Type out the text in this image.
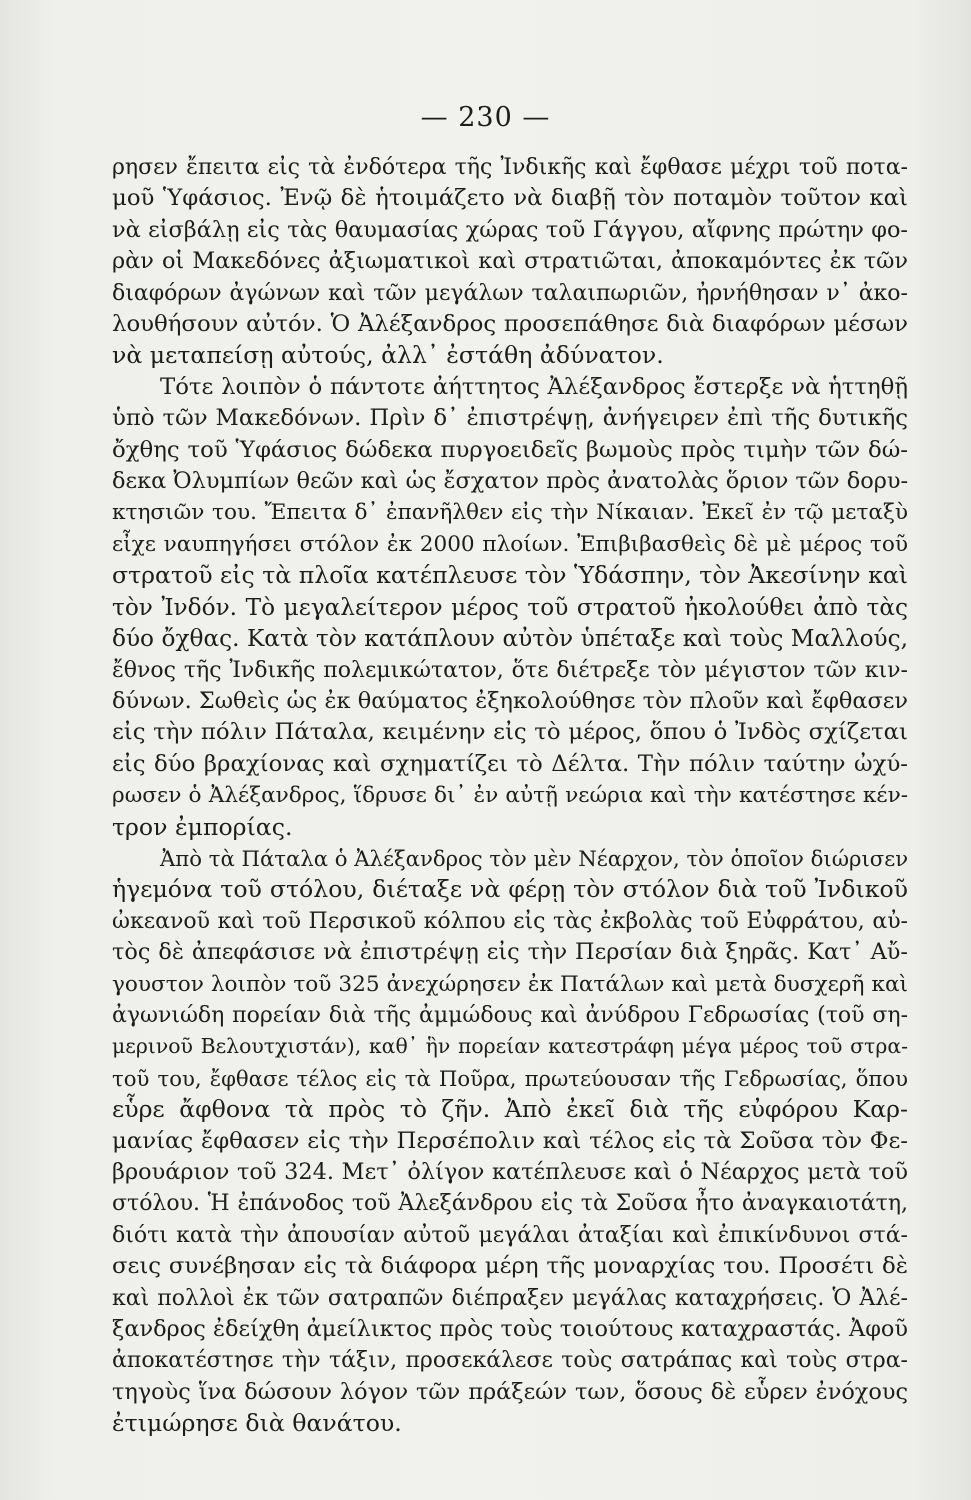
— 230 —
ρησεν ἔπειτα εἰς τὰ ἐνδότερα τῆς Ἰνδικῆς καὶ ἔφθασε μέχρι τοῦ ποτα-
μοῦ Ὑφάσιος. Ἐνῷ δὲ ἡτοιμάζετο νὰ διαβῇ τὸν ποταμὸν τοῦτον καὶ
νὰ εἰσβάλῃ εἰς τὰς θαυμασίας χώρας τοῦ Γάγγου, αἴφνης πρώτην φο-
ρὰν οἱ Μακεδόνες ἀξιωματικοὶ καὶ στρατιῶται, ἀποκαμόντες ἐκ τῶν
διαφόρων ἀγώνων καὶ τῶν μεγάλων ταλαιπωριῶν, ἠρνήθησαν ν᾿ ἀκο-
λουθήσουν αὐτόν. Ὁ Ἀλέξανδρος προσεπάθησε διὰ διαφόρων μέσων
νὰ μεταπείσῃ αὐτούς, ἀλλ᾿ ἐστάθη ἀδύνατον.
Τότε λοιπὸν ὁ πάντοτε ἀήττητος Ἀλέξανδρος ἔστερξε νὰ ἡττηθῇ
ὑπὸ τῶν Μακεδόνων. Πρὶν δ᾿ ἐπιστρέψῃ, ἀνήγειρεν ἐπὶ τῆς δυτικῆς
ὄχθης τοῦ Ὑφάσιος δώδεκα πυργοειδεῖς βωμοὺς πρὸς τιμὴν τῶν δώ-
δεκα Ὀλυμπίων θεῶν καὶ ὡς ἔσχατον πρὸς ἀνατολὰς ὅριον τῶν δορυ-
κτησιῶν του. Ἔπειτα δ᾿ ἐπανῆλθεν εἰς τὴν Νίκαιαν. Ἐκεῖ ἐν τῷ μεταξὺ
εἶχε ναυπηγήσει στόλον ἐκ 2000 πλοίων. Ἐπιβιβασθεὶς δὲ μὲ μέρος τοῦ
στρατοῦ εἰς τὰ πλοῖα κατέπλευσε τὸν Ὑδάσπην, τὸν Ἀκεσίνην καὶ
τὸν Ἰνδόν. Τὸ μεγαλείτερον μέρος τοῦ στρατοῦ ἠκολούθει ἀπὸ τὰς
δύο ὄχθας. Κατὰ τὸν κατάπλουν αὐτὸν ὑπέταξε καὶ τοὺς Μαλλούς,
ἔθνος τῆς Ἰνδικῆς πολεμικώτατον, ὅτε διέτρεξε τὸν μέγιστον τῶν κιν-
δύνων. Σωθεὶς ὡς ἐκ θαύματος ἐξηκολούθησε τὸν πλοῦν καὶ ἔφθασεν
εἰς τὴν πόλιν Πάταλα, κειμένην εἰς τὸ μέρος, ὅπου ὁ Ἰνδὸς σχίζεται
εἰς δύο βραχίονας καὶ σχηματίζει τὸ Δέλτα. Τὴν πόλιν ταύτην ὠχύ-
ρωσεν ὁ Ἀλέξανδρος, ἵδρυσε δι᾿ ἐν αὐτῇ νεώρια καὶ τὴν κατέστησε κέν-
τρον ἐμπορίας.
Ἀπὸ τὰ Πάταλα ὁ Ἀλέξανδρος τὸν μὲν Νέαρχον, τὸν ὁποῖον διώρισεν
ἡγεμόνα τοῦ στόλου, διέταξε νὰ φέρῃ τὸν στόλον διὰ τοῦ Ἰνδικοῦ
ὠκεανοῦ καὶ τοῦ Περσικοῦ κόλπου εἰς τὰς ἐκβολὰς τοῦ Εὐφράτου, αὐ-
τὸς δὲ ἀπεφάσισε νὰ ἐπιστρέψῃ εἰς τὴν Περσίαν διὰ ξηρᾶς. Κατ᾿ Αὔ-
γουστον λοιπὸν τοῦ 325 ἀνεχώρησεν ἐκ Πατάλων καὶ μετὰ δυσχερῆ καὶ
ἀγωνιώδη πορείαν διὰ τῆς ἀμμώδους καὶ ἀνύδρου Γεδρωσίας (τοῦ ση-
μερινοῦ Βελουτχιστάν), καθ᾿ ἣν πορείαν κατεστράφη μέγα μέρος τοῦ στρα-
τοῦ του, ἔφθασε τέλος εἰς τὰ Ποῦρα, πρωτεύουσαν τῆς Γεδρωσίας, ὅπου
εὗρε ἄφθονα τὰ πρὸς τὸ ζῆν. Ἀπὸ ἐκεῖ διὰ τῆς εὐφόρου Καρ-
μανίας ἔφθασεν εἰς τὴν Περσέπολιν καὶ τέλος εἰς τὰ Σοῦσα τὸν Φε-
βρουάριον τοῦ 324. Μετ᾿ ὀλίγον κατέπλευσε καὶ ὁ Νέαρχος μετὰ τοῦ
στόλου. Ἡ ἐπάνοδος τοῦ Ἀλεξάνδρου εἰς τὰ Σοῦσα ἦτο ἀναγκαιοτάτη,
διότι κατὰ τὴν ἀπουσίαν αὐτοῦ μεγάλαι ἀταξίαι καὶ ἐπικίνδυνοι στά-
σεις συνέβησαν εἰς τὰ διάφορα μέρη τῆς μοναρχίας του. Προσέτι δὲ
καὶ πολλοὶ ἐκ τῶν σατραπῶν διέπραξεν μεγάλας καταχρήσεις. Ὁ Ἀλέ-
ξανδρος ἐδείχθη ἀμείλικτος πρὸς τοὺς τοιούτους καταχραστάς. Ἀφοῦ
ἀποκατέστησε τὴν τάξιν, προσεκάλεσε τοὺς σατράπας καὶ τοὺς στρα-
τηγοὺς ἵνα δώσουν λόγον τῶν πράξεών των, ὅσους δὲ εὗρεν ἐνόχους
ἐτιμώρησε διὰ θανάτου.
